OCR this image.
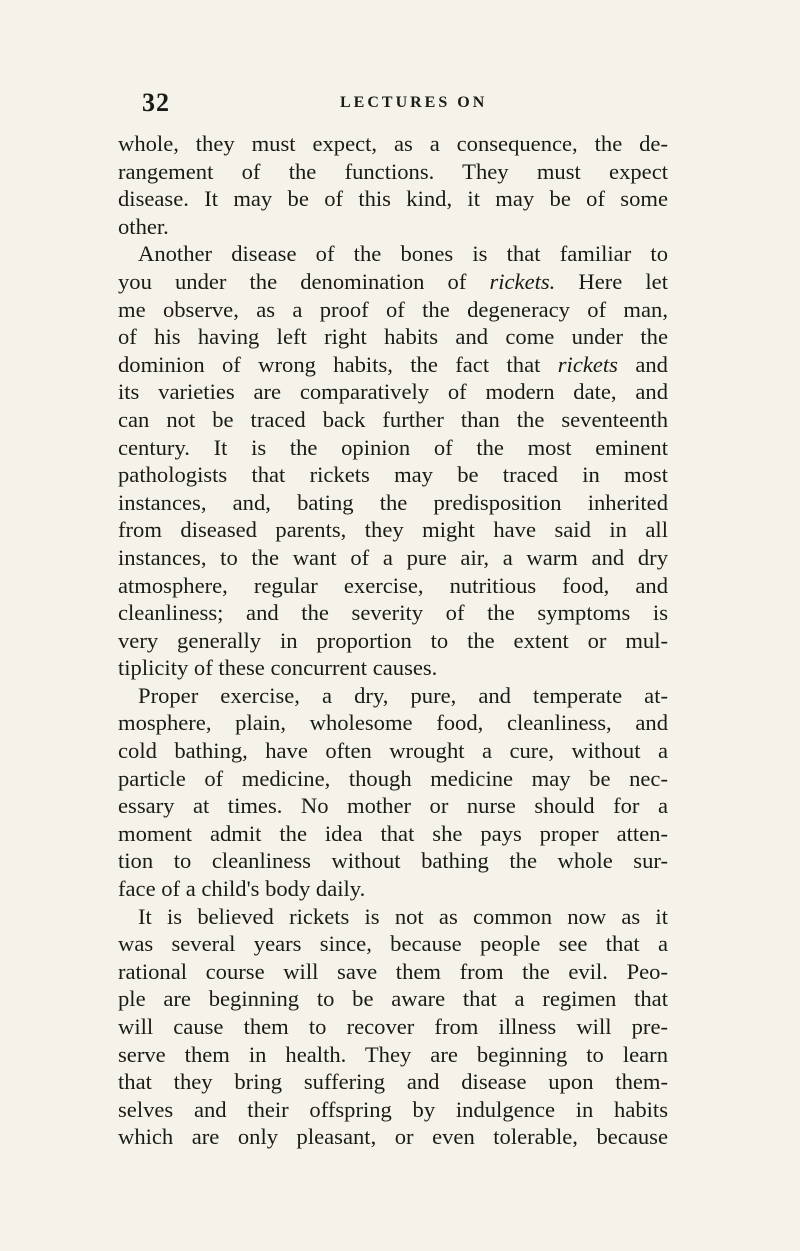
32	LECTURES ON
whole, they must expect, as a consequence, the de-
rangement of the functions. They must expect
disease. It may be of this kind, it may be of some
other.
Another disease of the bones is that familiar to
you under the denomination of rickets. Here let
me observe, as a proof of the degeneracy of man,
of his having left right habits and come under the
dominion of wrong habits, the fact that rickets and
its varieties are comparatively of modern date, and
can not be traced back further than the seventeenth
century. It is the opinion of the most eminent
pathologists that rickets may be traced in most
instances, and, bating the predisposition inherited
from diseased parents, they might have said in all
instances, to the want of a pure air, a warm and dry
atmosphere, regular exercise, nutritious food, and
cleanliness; and the severity of the symptoms is
very generally in proportion to the extent or mul-
tiplicity of these concurrent causes.
Proper exercise, a dry, pure, and temperate at-
mosphere, plain, wholesome food, cleanliness, and
cold bathing, have often wrought a cure, without a
particle of medicine, though medicine may be nec-
essary at times. No mother or nurse should for a
moment admit the idea that she pays proper atten-
tion to cleanliness without bathing the whole sur-
face of a child's body daily.
It is believed rickets is not as common now as it
was several years since, because people see that a
rational course will save them from the evil. Peo-
ple are beginning to be aware that a regimen that
will cause them to recover from illness will pre-
serve them in health. They are beginning to learn
that they bring suffering and disease upon them-
selves and their offspring by indulgence in habits
which are only pleasant, or even tolerable, because
